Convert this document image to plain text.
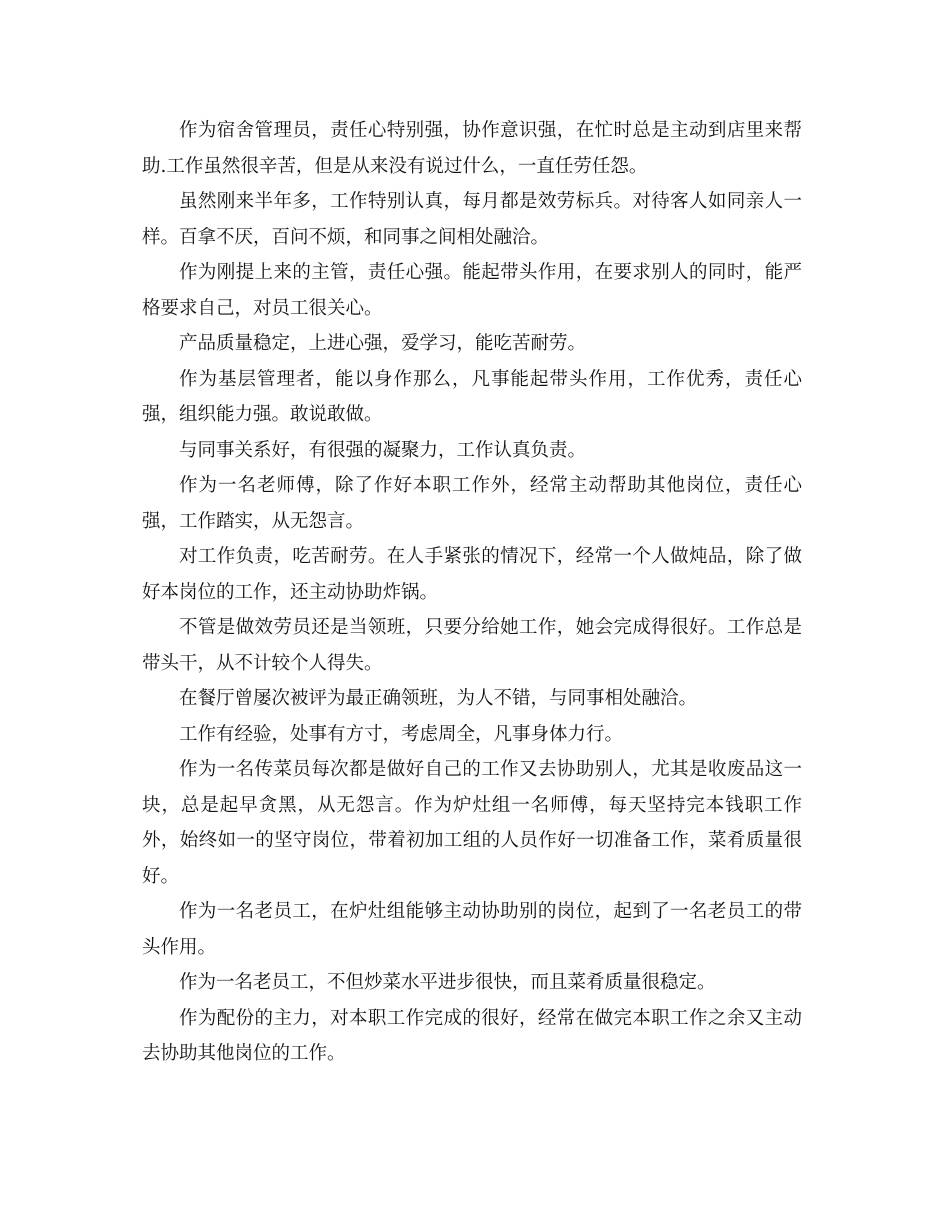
作为宿舍管理员，责任心特别强，协作意识强，在忙时总是主动到店里来帮助.工作虽然很辛苦，但是从来没有说过什么，一直任劳任怨。

虽然刚来半年多，工作特别认真，每月都是效劳标兵。对待客人如同亲人一样。百拿不厌，百问不烦，和同事之间相处融洽。

作为刚提上来的主管，责任心强。能起带头作用，在要求别人的同时，能严格要求自己，对员工很关心。

产品质量稳定，上进心强，爱学习，能吃苦耐劳。

作为基层管理者，能以身作那么，凡事能起带头作用，工作优秀，责任心强，组织能力强。敢说敢做。

与同事关系好，有很强的凝聚力，工作认真负责。

作为一名老师傅，除了作好本职工作外，经常主动帮助其他岗位，责任心强，工作踏实，从无怨言。

对工作负责，吃苦耐劳。在人手紧张的情况下，经常一个人做炖品，除了做好本岗位的工作，还主动协助炸锅。

不管是做效劳员还是当领班，只要分给她工作，她会完成得很好。工作总是带头干，从不计较个人得失。

在餐厅曾屡次被评为最正确领班，为人不错，与同事相处融洽。

工作有经验，处事有方寸，考虑周全，凡事身体力行。

作为一名传菜员每次都是做好自己的工作又去协助别人，尤其是收废品这一块，总是起早贪黑，从无怨言。作为炉灶组一名师傅，每天坚持完本钱职工作外，始终如一的坚守岗位，带着初加工组的人员作好一切准备工作，菜肴质量很好。

作为一名老员工，在炉灶组能够主动协助别的岗位，起到了一名老员工的带头作用。

作为一名老员工，不但炒菜水平进步很快，而且菜肴质量很稳定。

作为配份的主力，对本职工作完成的很好，经常在做完本职工作之余又主动去协助其他岗位的工作。
